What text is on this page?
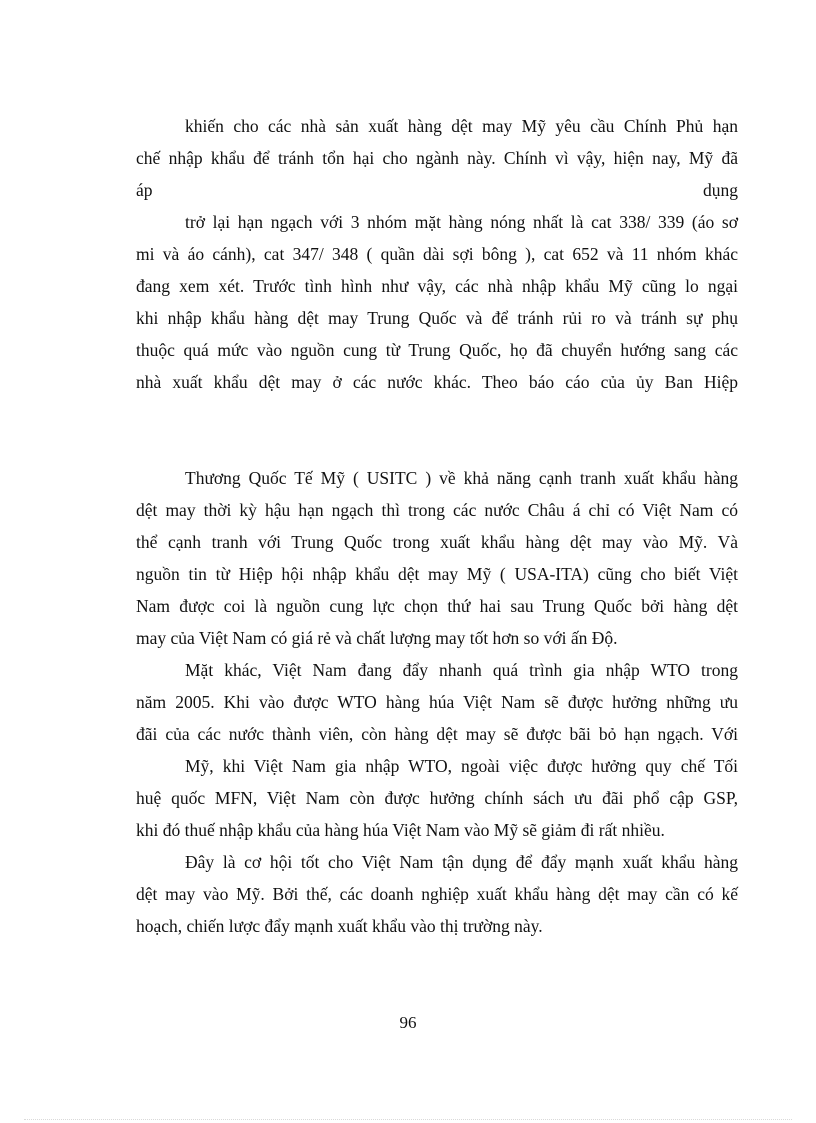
khiến cho các nhà sản xuất hàng dệt may Mỹ yêu cầu Chính Phủ hạn
chế nhập khẩu để tránh tổn hại cho ngành này. Chính vì vậy, hiện nay, Mỹ đã
áp dụng
trở lại hạn ngạch với 3 nhóm mặt hàng nóng nhất là cat 338/ 339 (áo sơ
mi và áo cánh), cat 347/ 348 ( quần dài sợi bông ), cat 652 và 11 nhóm khác
đang xem xét. Trước tình hình như vậy, các nhà nhập khẩu Mỹ cũng lo ngại
khi nhập khẩu hàng dệt may Trung Quốc và để tránh rủi ro và tránh sự phụ
thuộc quá mức vào nguồn cung từ Trung Quốc, họ đã chuyển hướng sang các
nhà xuất khẩu dệt may ở các nước khác. Theo báo cáo của ủy Ban Hiệp
Thương Quốc Tế Mỹ ( USITC ) về khả năng cạnh tranh xuất khẩu hàng
dệt may thời kỳ hậu hạn ngạch thì trong các nước Châu á chỉ có Việt Nam có
thể cạnh tranh với Trung Quốc trong xuất khẩu hàng dệt may vào Mỹ. Và
nguồn tin từ Hiệp hội nhập khẩu dệt may Mỹ ( USA-ITA) cũng cho biết Việt
Nam được coi là nguồn cung lực chọn thứ hai sau Trung Quốc bởi hàng dệt
may của Việt Nam có giá rẻ và chất lượng may tốt hơn so với ấn Độ.
Mặt khác, Việt Nam đang đẩy nhanh quá trình gia nhập WTO trong
năm 2005. Khi vào được WTO hàng húa Việt Nam sẽ được hưởng những ưu
đãi của các nước thành viên, còn hàng dệt may sẽ được bãi bỏ hạn ngạch. Với
Mỹ, khi Việt Nam gia nhập WTO, ngoài việc được hưởng quy chế Tối
huệ quốc MFN, Việt Nam còn được hưởng chính sách ưu đãi phổ cập GSP,
khi đó thuế nhập khẩu của hàng húa Việt Nam vào Mỹ sẽ giảm đi rất nhiều.
Đây là cơ hội tốt cho Việt Nam tận dụng để đẩy mạnh xuất khẩu hàng
dệt may vào Mỹ. Bởi thế, các doanh nghiệp xuất khẩu hàng dệt may cần có kế
hoạch, chiến lược đẩy mạnh xuất khẩu vào thị trường này.
96
